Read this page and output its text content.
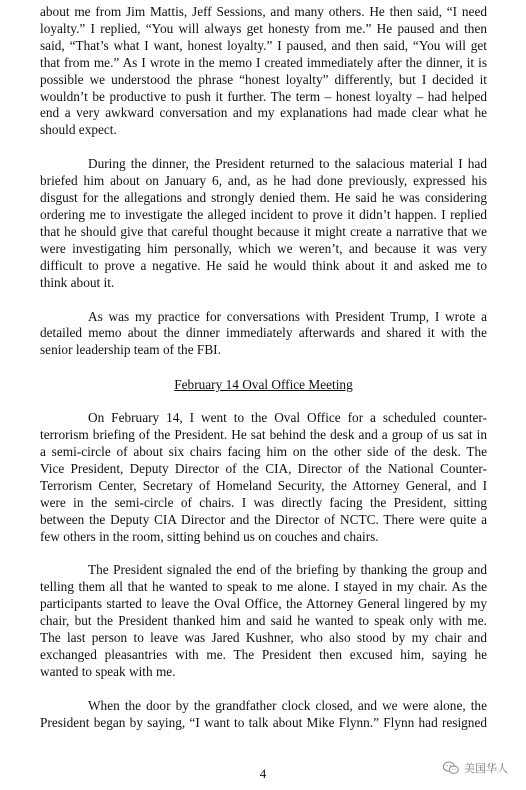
about me from Jim Mattis, Jeff Sessions, and many others. He then said, “I need
loyalty.” I replied, “You will always get honesty from me.” He paused and then
said, “That’s what I want, honest loyalty.” I paused, and then said, “You will get
that from me.” As I wrote in the memo I created immediately after the dinner, it is
possible we understood the phrase “honest loyalty” differently, but I decided it
wouldn’t be productive to push it further. The term – honest loyalty – had helped
end a very awkward conversation and my explanations had made clear what he
should expect.

During the dinner, the President returned to the salacious material I had
briefed him about on January 6, and, as he had done previously, expressed his
disgust for the allegations and strongly denied them. He said he was considering
ordering me to investigate the alleged incident to prove it didn’t happen. I replied
that he should give that careful thought because it might create a narrative that we
were investigating him personally, which we weren’t, and because it was very
difficult to prove a negative. He said he would think about it and asked me to
think about it.

As was my practice for conversations with President Trump, I wrote a
detailed memo about the dinner immediately afterwards and shared it with the
senior leadership team of the FBI.

February 14 Oval Office Meeting

On February 14, I went to the Oval Office for a scheduled counter-
terrorism briefing of the President. He sat behind the desk and a group of us sat in
a semi-circle of about six chairs facing him on the other side of the desk. The
Vice President, Deputy Director of the CIA, Director of the National Counter-
Terrorism Center, Secretary of Homeland Security, the Attorney General, and I
were in the semi-circle of chairs. I was directly facing the President, sitting
between the Deputy CIA Director and the Director of NCTC. There were quite a
few others in the room, sitting behind us on couches and chairs.

The President signaled the end of the briefing by thanking the group and
telling them all that he wanted to speak to me alone. I stayed in my chair. As the
participants started to leave the Oval Office, the Attorney General lingered by my
chair, but the President thanked him and said he wanted to speak only with me.
The last person to leave was Jared Kushner, who also stood by my chair and
exchanged pleasantries with me. The President then excused him, saying he
wanted to speak with me.

When the door by the grandfather clock closed, and we were alone, the
President began by saying, “I want to talk about Mike Flynn.” Flynn had resigned

4	美国华人
